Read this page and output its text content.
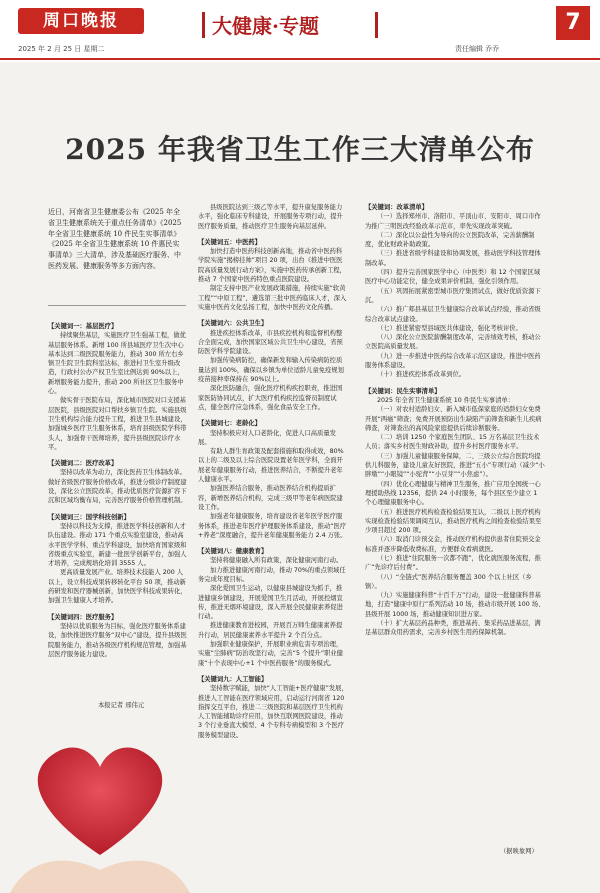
周口晚报
2025 年 2 月 25 日 星期二
大健康·专题
责任编辑 乔乔
7
2025 年我省卫生工作三大清单公布
近日，河南省卫生健康委公布《2025 年全省卫生健康系统关于重点任务清单》《2025 年全省卫生健康系统 10 件民生实事清单》《2025 年全省卫生健康系统 10 件惠民实事清单》三大清单，涉及基础医疗服务、中医药发展、健康服务等多方面内容。

【关键词一：基层医疗】

持续聚焦基层，实施医疗卫生强基工程，做优基层服务体系。新增 100 所县域医疗卫生次中心基本达到二级医院服务能力，推动 300 所左右乡镇卫生院卫生院科室达标，推进村卫生室升级改造，行政村公办产权卫生室比例达到 90%以上，新增服务能力提升，推动 200 所社区卫生服务中心。

做实骨干医院布局，深化城市医院对口支援基层医院，县级医院对口帮扶乡镇卫生院。实施县级卫生机构综合能力提升工程，推进卫生县城建设，加强城乡医疗卫生服务体系，培育县级医院学科带头人，加强骨干医师培养，提升县级医院诊疗水平。

【关键词二：医疗改革】

坚持以改革为动力，深化医药卫生体制改革。做好省级医疗服务价格改革，推进分级诊疗制度建设，深化公立医院改革，推动优质医疗资源扩容下沉和区域均衡布局，完善医疗服务价格管理机制。

【关键词三：国学科技创新】

坚持以科技为支撑，推进医学科技创新和人才队伍建设。推动 171 个重点实验室建设，推动高水平医学学科、重点学科建设，加快培育国家级和省级重点实验室，新建一批医学创新平台，加强人才培养，完成规培化培训 3555 人。

更高质量发展产业。培养技术技能人 200 人以上，设立科技成果转移转化平台 50 项，推动新药研发和医疗器械创新，加快医学科技成果转化，加强卫生健康人才培养。

【关键词四：医疗服务】

坚持以优质服务为目标，强化医疗服务体系建设，加快推进医疗服务“双中心”建设，提升县级医院服务能力，推动各级医疗机构规范管理，加强基层医疗服务能力建设。

县级医院达到三级乙等水平，提升康复服务能力水平，强化临床专科建设，开展服务专项行动，提升医疗服务质量，推动医疗卫生服务向基层延伸。

【关键词五：中医药】

加快打造中医药科技创新高地，推动省中医药科学院实施“揭榜挂帅”项目 20 项，出台《推进中医医院高质量发展行动方案》，实施中医药传承创新工程，推动 7 个国家中医药特色重点医院建设。

制定支持中医产业发展政策措施，持续实施“软黄工程”“中原工程”，遴选第三批中医药临床人才，深入实施中医药文化弘扬工程，加快中医药文化传播。

【关键词六：公共卫生】

推进疾控体系改革，市县疾控机构和监督机构整合全面完成，加快国家区域公共卫生中心建设，省预防医学科学院建设。

加强传染病防控，确保新发和输入传染病防控质量达到 100%，确保以乡镇为单位适龄儿童免疫规划疫苗接种率保持在 90%以上。

深化医防融合，强化医疗机构疾控职责，推进国家医防协同试点，扩大医疗机构疾控监督员制度试点，健全医疗应急体系，强化食品安全工作。

【关键词七：老龄化】

坚持积极应对人口老龄化，促进人口高质量发展。

有助人群生育政策及配套措施和取得成效，80%以上的二级及以上综合医院设置老年医学科，全面开展老年健康服务行动，推进医养结合，不断提升老年人健康水平。

加强医养结合服务，推动医养结合机构提质扩容，新增医养结合机构，完成三级甲等老年病医院建设工作。

加强老年健康服务，培育建设省老年医学医疗服务体系，推进老年医疗护理服务体系建设，推动“医疗+养老”深度融合，提升老年健康服务能力 2.4 万张。

【关键词八：健康教育】

坚持将健康融入所有政策，深化健康河南行动。

加力推进健康河南行动，推动 70%的重点领域任务完成年度目标。

深化爱国卫生运动，以健康县城建设为抓手，推进健康乡镇建设，开展爱国卫生月活动，开展控烟宣传，推进无烟环境建设，深入开展全民健康素养促进行动。

推进健康教育进校园，开展百万师生健康素养提升行动，居民健康素养水平提升 2 个百分点。

加强职业健康保护，开展职业病危害专项治理，实施“尘肺病”防治攻坚行动，完善“5 个提升”职业健康“十个表现中心+1 个中医药服务”的服务模式。

【关键词九：人工智能】

坚持数字赋能，加快“人工智能+医疗健康”发展，推进人工智能在医疗领域应用，启动运行河南省 120 指挥交互平台，推进二三级医院和基层医疗卫生机构人工智能辅助诊疗应用，加快互联网医院建设，推动 3 个行业垂直大模型、4 个专科专病模型和 3 个医疗服务模型建设。

【关键词：改革清单】

（一）选择郑州市、洛阳市、平顶山市、安阳市、周口市作为推广三明医改经验改革示范市，率先实现改革突破。

（二）深化以公益性为导向的公立医院改革，完善薪酬制度，优化财政补助政策。

（三）推进省级学科建设和协调发展，推动医学科技管理体制改革。

（四）提升完善国家医学中心（中医类）和 12 个国家区域医疗中心功能定位，健全成果评价机制，强化引领作用。

（五）巩固拓展紧密型城市医疗集团试点，做好优质资源下沉。

（六）推广郏县基层卫生健康综合改革试点经验，推动省级综合改革试点建设。

（七）推进紧密型县域医共体建设，强化考核评价。

（八）深化公立医院薪酬制度改革，完善绩效考核，推动公立医院高质量发展。

（九）进一步推进中医药综合改革示范区建设，推进中医药服务体系建设。

（十）推进疾控体系改革到位。

【关键词：民生实事清单】

2025 年全省卫生健康系统 10 件民生实事清单：

（一）对农村适龄妇女、新入城市低保家庭的适龄妇女免费开展“两癌”筛查；免费开展预防出生缺陷产前筛查和新生儿疾病筛查，对筛查出的高风险家庭提供后续诊断服务。

（二）培训 1250 个家庭医生团队、15 万名基层卫生技术人员；落实乡村医生财政补助，提升乡村医疗服务水平。

（三）加强儿童健康服务保障，二、三级公立综合医院均提供儿科服务，建设儿童友好医院，推进“五小”专项行动（减少“小胖墩”“小眼镜”“小驼背”“小豆芽”“小焦虑”）。

（四）优化心理健康与精神卫生服务，推广应用全国统一心理援助热线 12356，提供 24 小时服务，每个县区至少建立 1 个心理健康服务中心。

（五）推进医疗机构检查检验结果互认，二级以上医疗机构实现检查检验结果调阅互认，推动医疗机构之间检查检验结果至少项目超过 200 项。

（六）取消门诊预交金，推动医疗机构提供患者住院预交金标准并逐步降低收费标准，方便群众看病就医。

（七）推进“住院服务一次都不跑”，优化就医服务流程，推广“先诊疗后付费”。

（八）“全链式”医养结合服务覆盖 300 个以上社区（乡镇）。

（九）实施健康科普“十百千万”行动，建设一批健康科普基地，打造“健康中原行”系列活动 10 场，推动市级开展 100 场、县级开展 1000 场，推动健康知识进万家。

（十）扩大基层药品种类，推进基药、集采药品进基层，满足基层群众用药需求，完善乡村医生用药保障机制。

本报记者 邢伟元
（据映象网）
